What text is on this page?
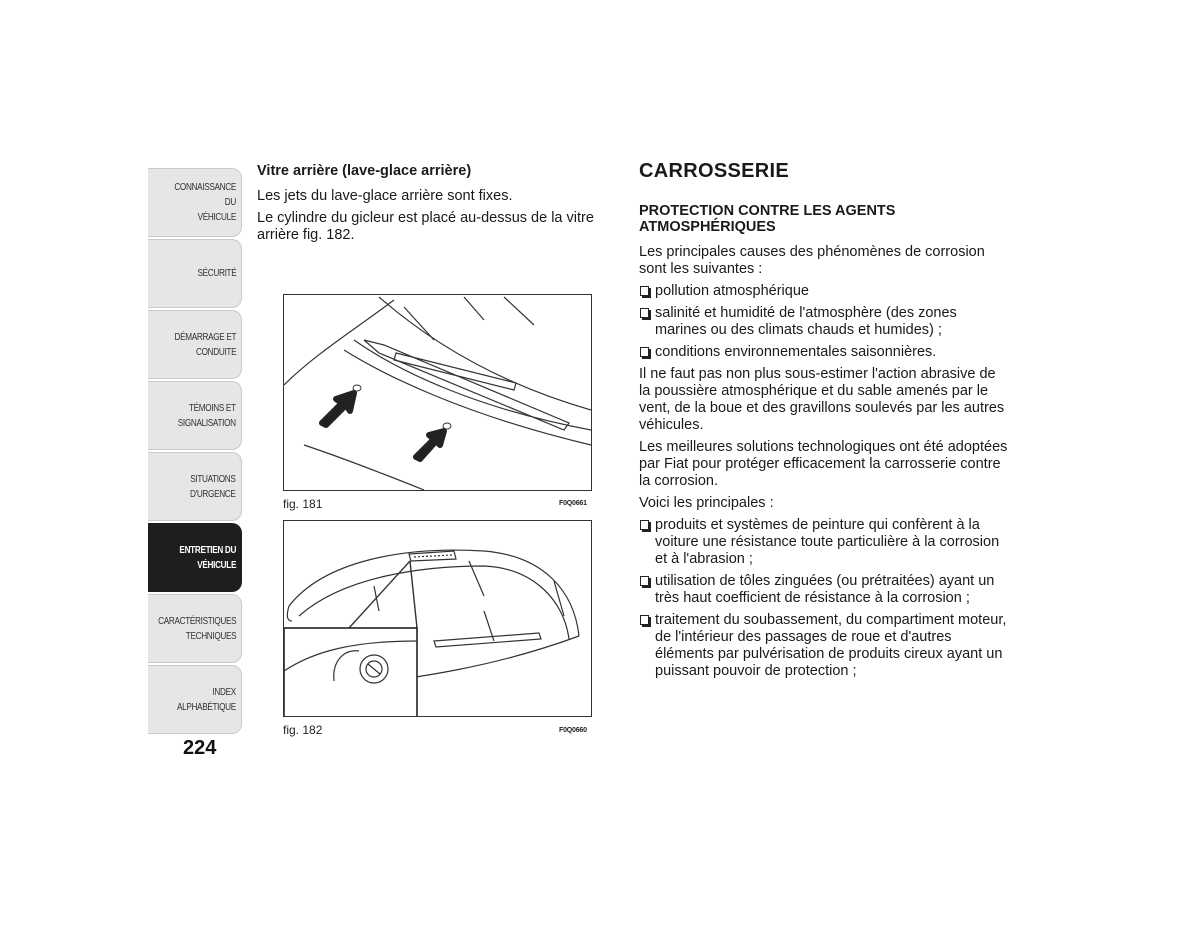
CONNAISSANCE DU
VÉHICULE
SÉCURITÉ
DÉMARRAGE ET
CONDUITE
TÉMOINS ET
SIGNALISATION
SITUATIONS
D'URGENCE
ENTRETIEN DU
VÉHICULE
CARACTÉRISTIQUES
TECHNIQUES
INDEX
ALPHABÉTIQUE
224
Vitre arrière (lave-glace arrière)

Les jets du lave-glace arrière sont fixes.

Le cylindre du gicleur est placé au-dessus de la vitre arrière fig. 182.

fig. 181	F0Q0661
fig. 182	F0Q0660
CARROSSERIE
PROTECTION CONTRE LES AGENTS ATMOSPHÉRIQUES

Les principales causes des phénomènes de corrosion sont les suivantes :

pollution atmosphérique
salinité et humidité de l'atmosphère (des zones marines ou des climats chauds et humides) ;
conditions environnementales saisonnières.

Il ne faut pas non plus sous-estimer l'action abrasive de la poussière atmosphérique et du sable amenés par le vent, de la boue et des gravillons soulevés par les autres véhicules.

Les meilleures solutions technologiques ont été adoptées par Fiat pour protéger efficacement la carrosserie contre la corrosion.

Voici les principales :

produits et systèmes de peinture qui confèrent à la voiture une résistance toute particulière à la corrosion et à l'abrasion ;
utilisation de tôles zinguées (ou prétraitées) ayant un très haut coefficient de résistance à la corrosion ;
traitement du soubassement, du compartiment moteur, de l'intérieur des passages de roue et d'autres éléments par pulvérisation de produits cireux ayant un puissant pouvoir de protection ;
